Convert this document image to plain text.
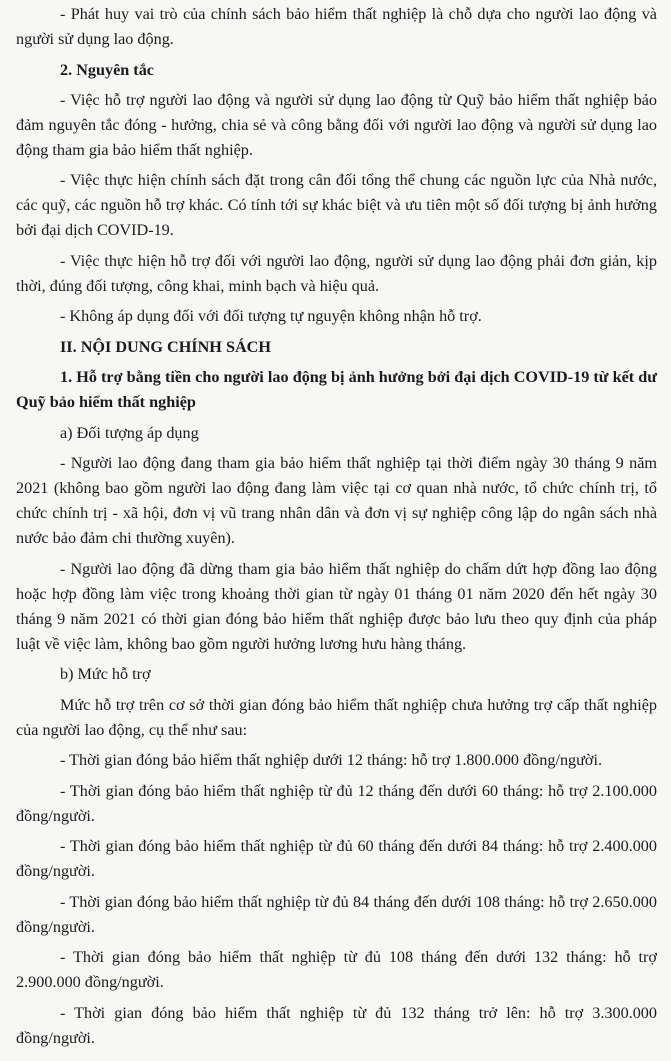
- Phát huy vai trò của chính sách bảo hiểm thất nghiệp là chỗ dựa cho người lao động và người sử dụng lao động.

2. Nguyên tắc

- Việc hỗ trợ người lao động và người sử dụng lao động từ Quỹ bảo hiểm thất nghiệp bảo đảm nguyên tắc đóng - hưởng, chia sẻ và công bằng đối với người lao động và người sử dụng lao động tham gia bảo hiểm thất nghiệp.

- Việc thực hiện chính sách đặt trong cân đối tổng thể chung các nguồn lực của Nhà nước, các quỹ, các nguồn hỗ trợ khác. Có tính tới sự khác biệt và ưu tiên một số đối tượng bị ảnh hưởng bởi đại dịch COVID-19.

- Việc thực hiện hỗ trợ đối với người lao động, người sử dụng lao động phải đơn giản, kịp thời, đúng đối tượng, công khai, minh bạch và hiệu quả.

- Không áp dụng đối với đối tượng tự nguyện không nhận hỗ trợ.

II. NỘI DUNG CHÍNH SÁCH

1. Hỗ trợ bằng tiền cho người lao động bị ảnh hưởng bởi đại dịch COVID-19 từ kết dư Quỹ bảo hiểm thất nghiệp

a) Đối tượng áp dụng

- Người lao động đang tham gia bảo hiểm thất nghiệp tại thời điểm ngày 30 tháng 9 năm 2021 (không bao gồm người lao động đang làm việc tại cơ quan nhà nước, tổ chức chính trị, tổ chức chính trị - xã hội, đơn vị vũ trang nhân dân và đơn vị sự nghiệp công lập do ngân sách nhà nước bảo đảm chi thường xuyên).

- Người lao động đã dừng tham gia bảo hiểm thất nghiệp do chấm dứt hợp đồng lao động hoặc hợp đồng làm việc trong khoảng thời gian từ ngày 01 tháng 01 năm 2020 đến hết ngày 30 tháng 9 năm 2021 có thời gian đóng bảo hiểm thất nghiệp được bảo lưu theo quy định của pháp luật về việc làm, không bao gồm người hưởng lương hưu hàng tháng.

b) Mức hỗ trợ

Mức hỗ trợ trên cơ sở thời gian đóng bảo hiểm thất nghiệp chưa hưởng trợ cấp thất nghiệp của người lao động, cụ thể như sau:

- Thời gian đóng bảo hiểm thất nghiệp dưới 12 tháng: hỗ trợ 1.800.000 đồng/người.

- Thời gian đóng bảo hiểm thất nghiệp từ đủ 12 tháng đến dưới 60 tháng: hỗ trợ 2.100.000 đồng/người.

- Thời gian đóng bảo hiểm thất nghiệp từ đủ 60 tháng đến dưới 84 tháng: hỗ trợ 2.400.000 đồng/người.

- Thời gian đóng bảo hiểm thất nghiệp từ đủ 84 tháng đến dưới 108 tháng: hỗ trợ 2.650.000 đồng/người.

- Thời gian đóng bảo hiểm thất nghiệp từ đủ 108 tháng đến dưới 132 tháng: hỗ trợ 2.900.000 đồng/người.

- Thời gian đóng bảo hiểm thất nghiệp từ đủ 132 tháng trở lên: hỗ trợ 3.300.000 đồng/người.
